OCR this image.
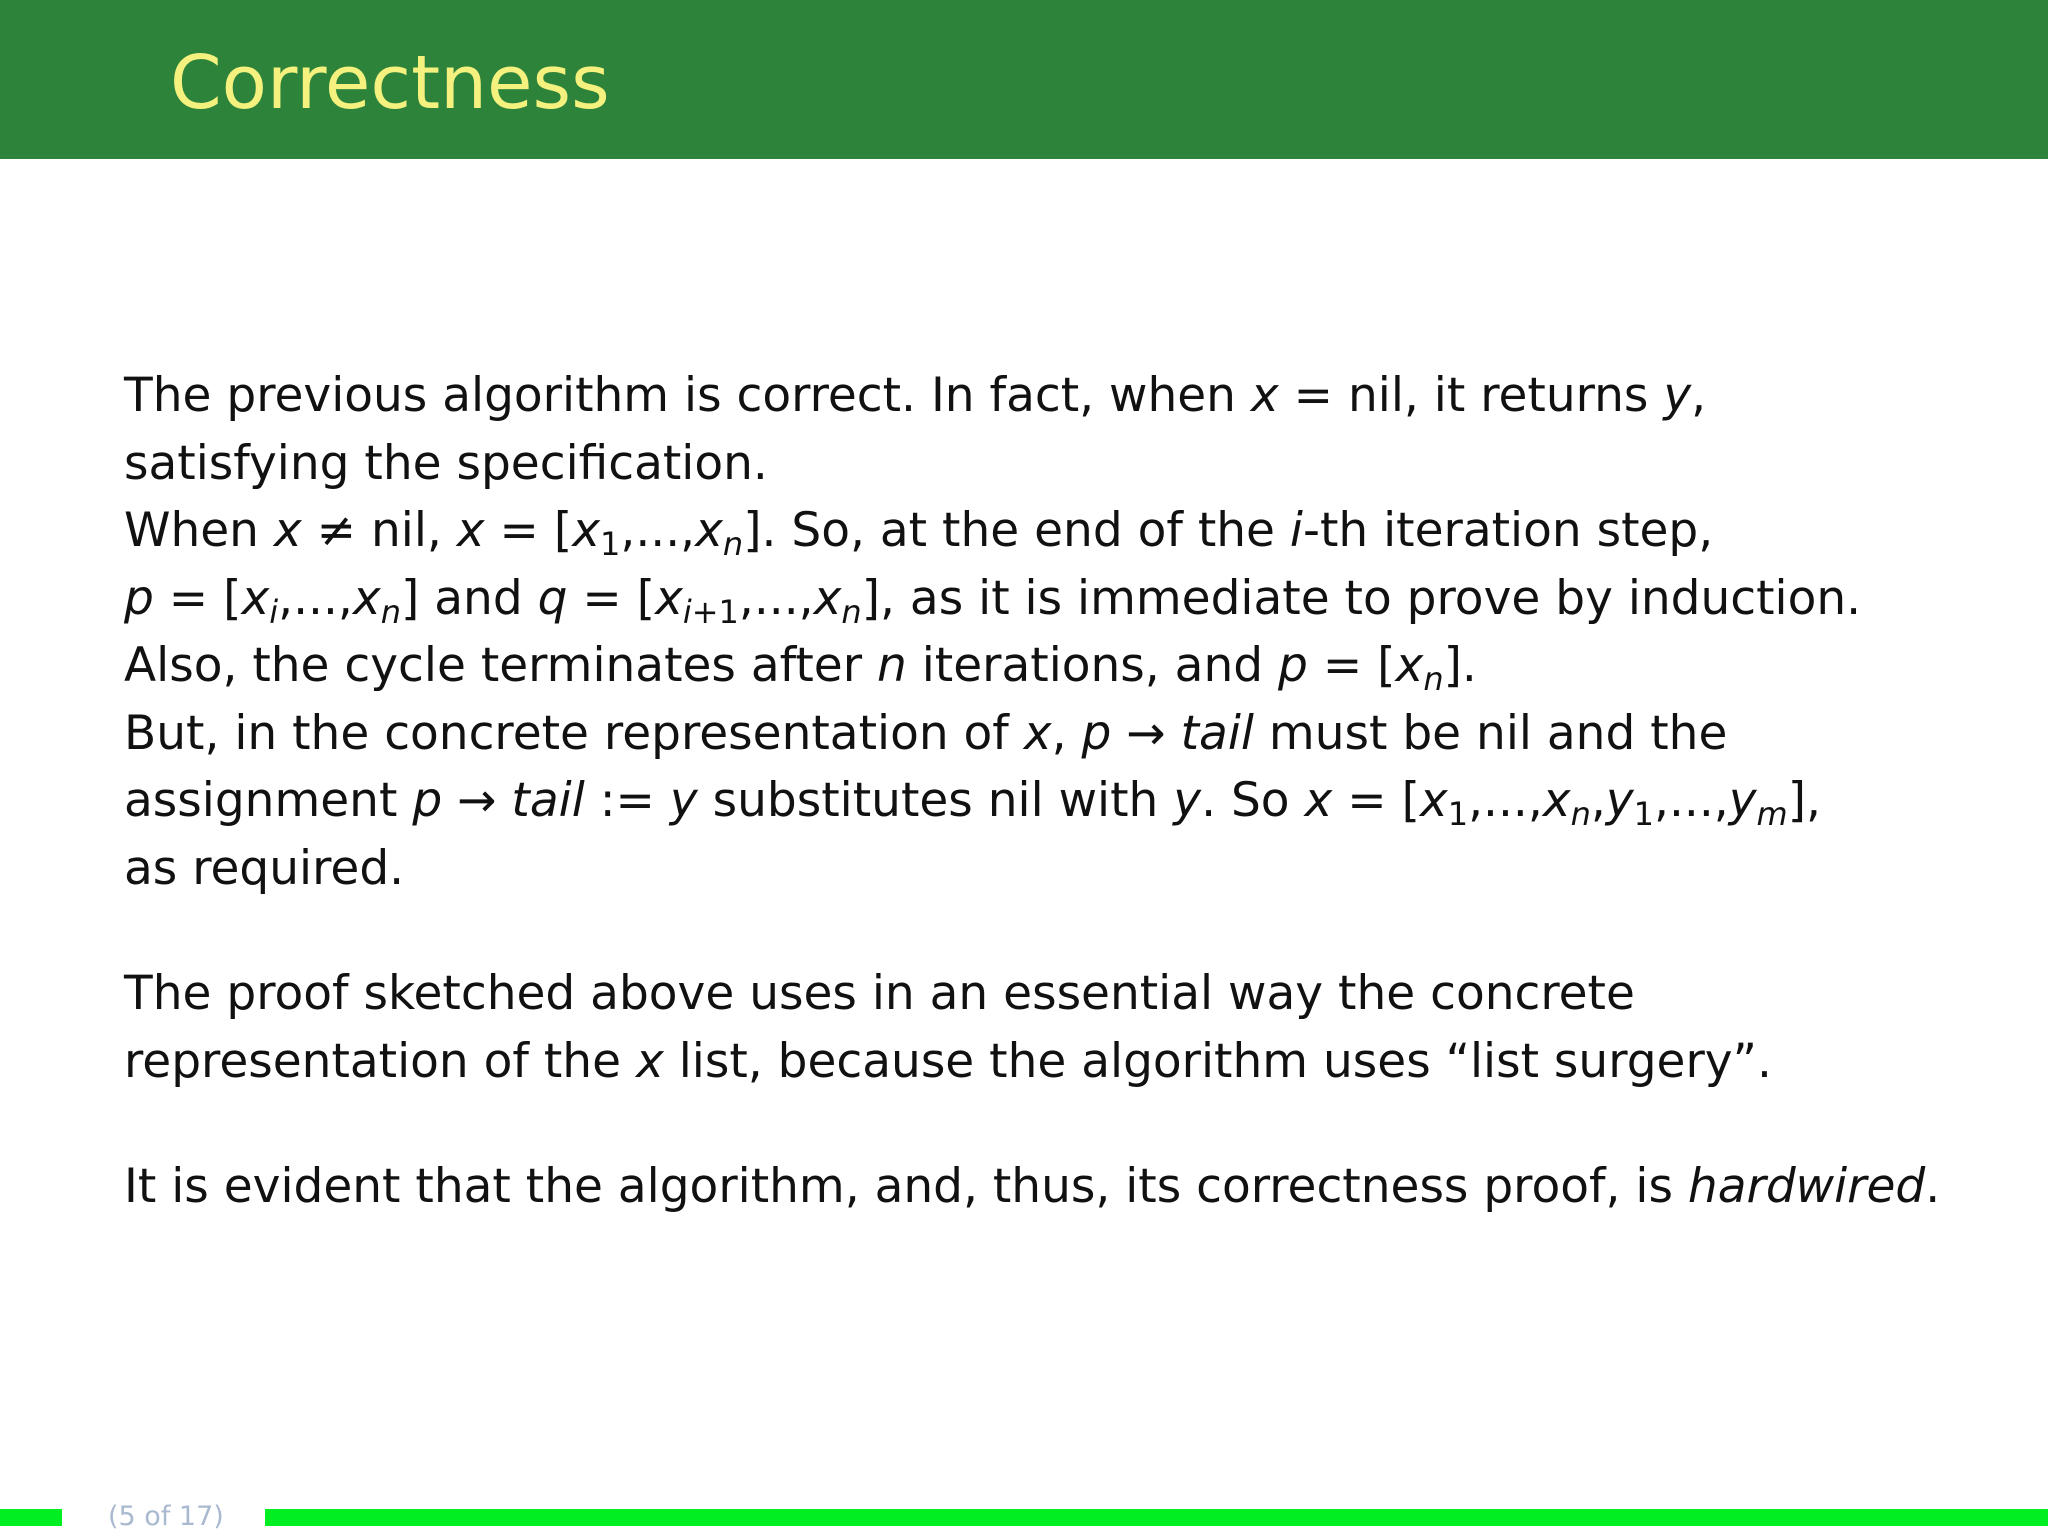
Correctness
The previous algorithm is correct. In fact, when x = nil, it returns y,
satisfying the specification.
When x ≠ nil, $x = [x_1,...,x_n]$. So, at the end of the i-th iteration step,
$p = [x_i,...,x_n]$ and $q = [x_{i+1},...,x_n]$, as it is immediate to prove by induction.
Also, the cycle terminates after n iterations, and $p = [x_n]$.
But, in the concrete representation of x, p → tail must be nil and the
assignment p → tail := y substitutes nil with y. So $x = [x_1,...,x_n,y_1,...,y_m]$,
as required.
The proof sketched above uses in an essential way the concrete
representation of the x list, because the algorithm uses “list surgery”.
It is evident that the algorithm, and, thus, its correctness proof, is hardwired.
(5 of 17)
